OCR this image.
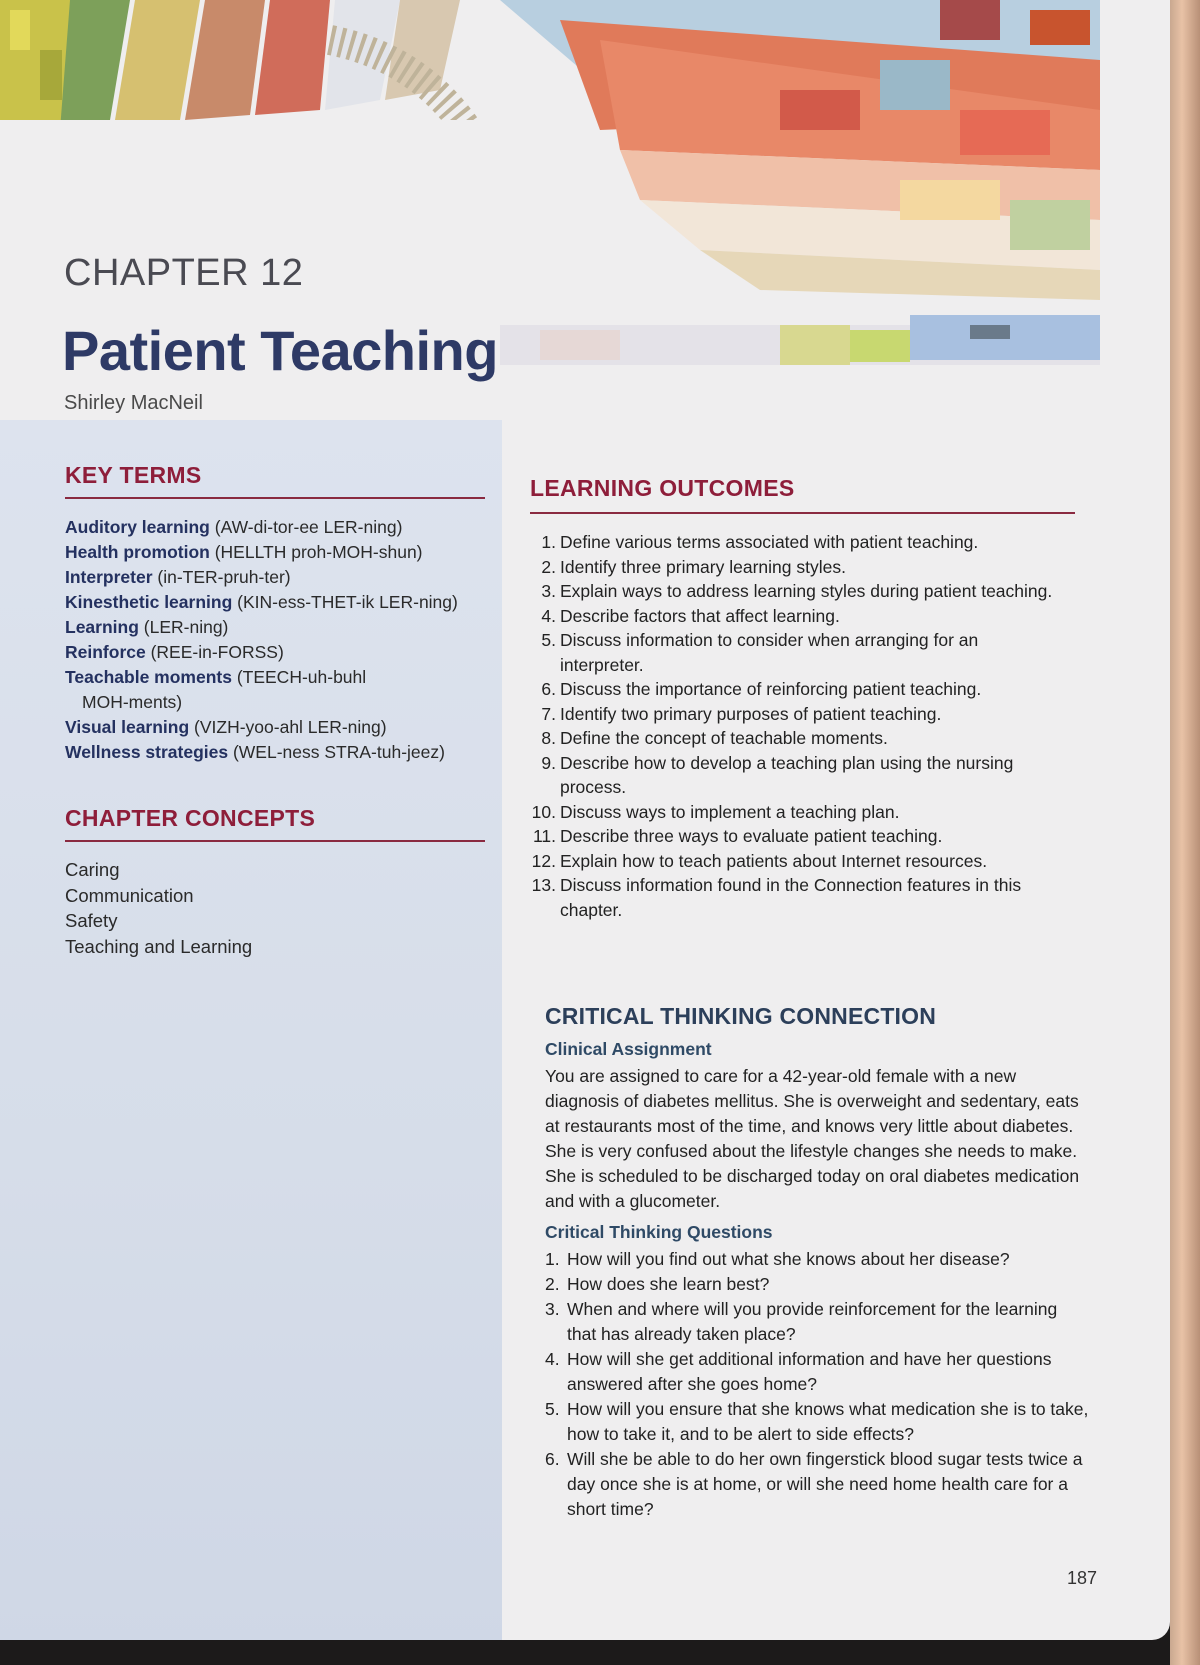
CHAPTER 12
Patient Teaching
Shirley MacNeil
KEY TERMS
Auditory learning (AW-di-tor-ee LER-ning)
Health promotion (HELLTH proh-MOH-shun)
Interpreter (in-TER-pruh-ter)
Kinesthetic learning (KIN-ess-THET-ik LER-ning)
Learning (LER-ning)
Reinforce (REE-in-FORSS)
Teachable moments (TEECH-uh-buhl MOH-ments)
Visual learning (VIZH-yoo-ahl LER-ning)
Wellness strategies (WEL-ness STRA-tuh-jeez)
CHAPTER CONCEPTS
Caring
Communication
Safety
Teaching and Learning
LEARNING OUTCOMES
1. Define various terms associated with patient teaching.
2. Identify three primary learning styles.
3. Explain ways to address learning styles during patient teaching.
4. Describe factors that affect learning.
5. Discuss information to consider when arranging for an interpreter.
6. Discuss the importance of reinforcing patient teaching.
7. Identify two primary purposes of patient teaching.
8. Define the concept of teachable moments.
9. Describe how to develop a teaching plan using the nursing process.
10. Discuss ways to implement a teaching plan.
11. Describe three ways to evaluate patient teaching.
12. Explain how to teach patients about Internet resources.
13. Discuss information found in the Connection features in this chapter.
CRITICAL THINKING CONNECTION
Clinical Assignment

You are assigned to care for a 42-year-old female with a new diagnosis of diabetes mellitus. She is overweight and sedentary, eats at restaurants most of the time, and knows very little about diabetes. She is very confused about the lifestyle changes she needs to make. She is scheduled to be discharged today on oral diabetes medication and with a glucometer.

Critical Thinking Questions
1. How will you find out what she knows about her disease?
2. How does she learn best?
3. When and where will you provide reinforcement for the learning that has already taken place?
4. How will she get additional information and have her questions answered after she goes home?
5. How will you ensure that she knows what medication she is to take, how to take it, and to be alert to side effects?
6. Will she be able to do her own fingerstick blood sugar tests twice a day once she is at home, or will she need home health care for a short time?
187
